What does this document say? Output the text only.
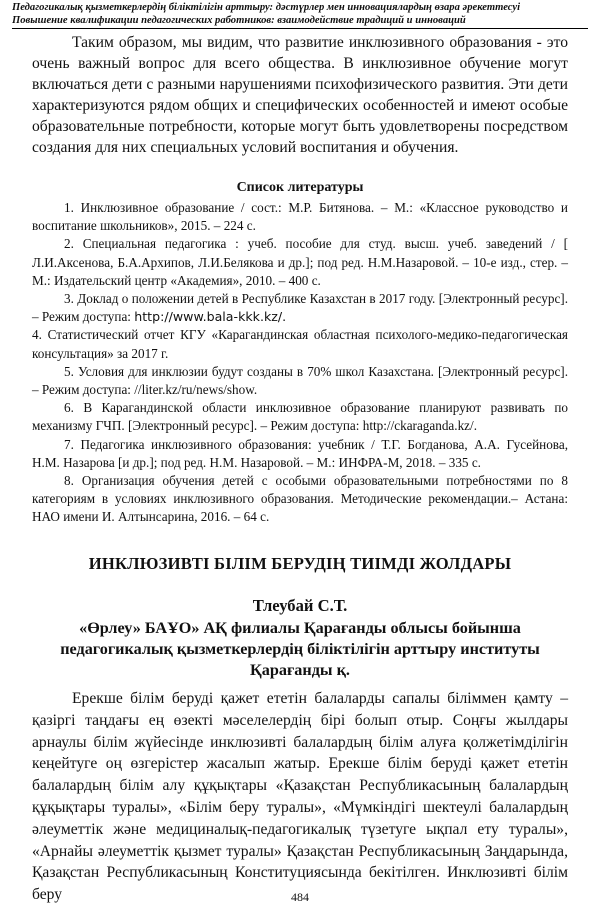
Педагогикалық қызметкерлердің біліктілігін арттыру: дәстүрлер мен инновациялардың өзара әрекеттесуі
Повышение квалификации педагогических работников: взаимодействие традиций и инноваций
Таким образом, мы видим, что развитие инклюзивного образования - это очень важный вопрос для всего общества. В инклюзивное обучение могут включаться дети с разными нарушениями психофизического развития. Эти дети характеризуются рядом общих и специфических особенностей и имеют особые образовательные потребности, которые могут быть удовлетворены посредством создания для них специальных условий воспитания и обучения.
Список литературы

1. Инклюзивное образование / сост.: М.Р. Битянова. – М.: «Классное руководство и воспитание школьников», 2015. – 224 с.

2. Специальная педагогика : учеб. пособие для студ. высш. учеб. заведений / [ Л.И.Аксенова, Б.А.Архипов, Л.И.Белякова и др.]; под ред. Н.М.Назаровой. – 10-е изд., стер. – М.: Издательский центр «Академия», 2010. – 400 с.

3. Доклад о положении детей в Республике Казахстан в 2017 году. [Электронный ресурс]. – Режим доступа: http://www.bala-kkk.kz/.

4. Статистический отчет КГУ «Карагандинская областная психолого-медико-педагогическая консультация» за 2017 г.

5. Условия для инклюзии будут созданы в 70% школ Казахстана. [Электронный ресурс]. – Режим доступа: //liter.kz/ru/news/show.

6. В Карагандинской области инклюзивное образование планируют развивать по механизму ГЧП. [Электронный ресурс]. – Режим доступа: http://ckaraganda.kz/.

7. Педагогика инклюзивного образования: учебник / Т.Г. Богданова, А.А. Гусейнова, Н.М. Назарова [и др.]; под ред. Н.М. Назаровой. – М.: ИНФРА-М, 2018. – 335 с.

8. Организация обучения детей с особыми образовательными потребностями по 8 категориям в условиях инклюзивного образования. Методические рекомендации.– Астана: НАО имени И. Алтынсарина, 2016. – 64 с.

ИНКЛЮЗИВТІ БІЛІМ БЕРУДІҢ ТИІМДІ ЖОЛДАРЫ
Тлеубай С.Т.
«Өрлеу» БАҰО» АҚ филиалы Қарағанды облысы бойынша педагогикалық қызметкерлердің біліктілігін арттыру институты Қарағанды қ.
Ерекше білім беруді қажет ететін балаларды сапалы біліммен қамту – қазіргі таңдағы ең өзекті мәселелердің бірі болып отыр. Соңғы жылдары арнаулы білім жүйесінде инклюзивті балалардың білім алуға қолжетімділігін кеңейтуге оң өзгерістер жасалып жатыр. Ерекше білім беруді қажет ететін балалардың білім алу құқықтары «Қазақстан Республикасының балалардың құқықтары туралы», «Білім беру туралы», «Мүмкіндігі шектеулі балалардың әлеуметтік және медициналық-педагогикалық түзетуге ықпал ету туралы», «Арнайы әлеуметтік қызмет туралы» Қазақстан Республикасының Заңдарында, Қазақстан Республикасының Конституциясында бекітілген. Инклюзивті білім беру	484
